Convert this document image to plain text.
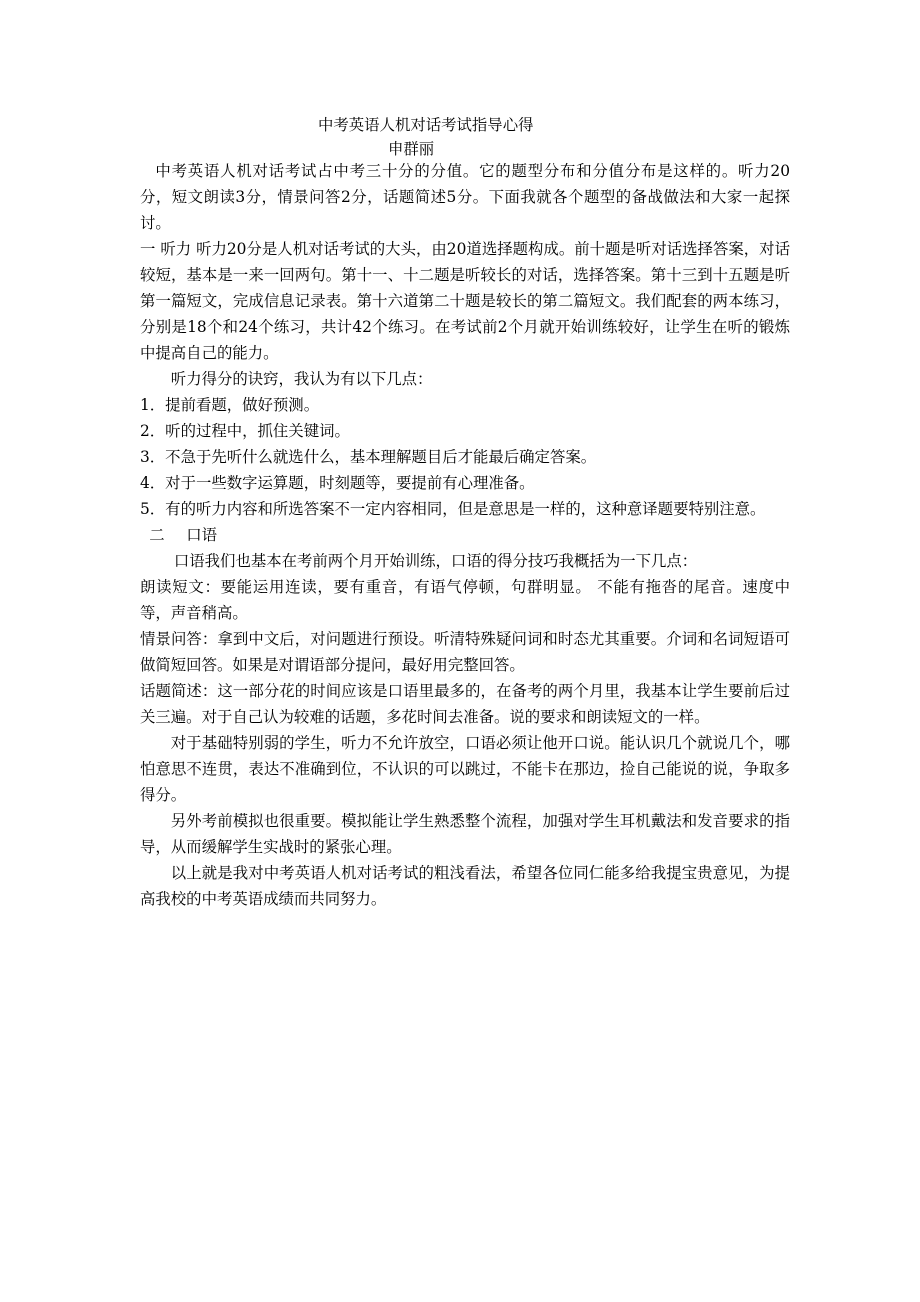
中考英语人机对话考试指导心得
申群丽

中考英语人机对话考试占中考三十分的分值。它的题型分布和分值分布是这样的。听力20分，短文朗读3分，情景问答2分，话题简述5分。下面我就各个题型的备战做法和大家一起探讨。

一 听力 听力20分是人机对话考试的大头，由20道选择题构成。前十题是听对话选择答案，对话较短，基本是一来一回两句。第十一、十二题是听较长的对话，选择答案。第十三到十五题是听第一篇短文，完成信息记录表。第十六道第二十题是较长的第二篇短文。我们配套的两本练习，分别是18个和24个练习，共计42个练习。在考试前2个月就开始训练较好，让学生在听的锻炼中提高自己的能力。

听力得分的诀窍，我认为有以下几点：

1．提前看题，做好预测。

2．听的过程中，抓住关键词。

3．不急于先听什么就选什么，基本理解题目后才能最后确定答案。

4．对于一些数字运算题，时刻题等，要提前有心理准备。

5．有的听力内容和所选答案不一定内容相同，但是意思是一样的，这种意译题要特别注意。

二 口语

口语我们也基本在考前两个月开始训练，口语的得分技巧我概括为一下几点：

朗读短文：要能运用连读，要有重音，有语气停顿，句群明显。 不能有拖沓的尾音。速度中等，声音稍高。

情景问答：拿到中文后，对问题进行预设。听清特殊疑问词和时态尤其重要。介词和名词短语可做简短回答。如果是对谓语部分提问，最好用完整回答。

话题简述：这一部分花的时间应该是口语里最多的，在备考的两个月里，我基本让学生要前后过关三遍。对于自己认为较难的话题，多花时间去准备。说的要求和朗读短文的一样。

对于基础特别弱的学生，听力不允许放空，口语必须让他开口说。能认识几个就说几个，哪怕意思不连贯，表达不准确到位，不认识的可以跳过，不能卡在那边，捡自己能说的说，争取多得分。

另外考前模拟也很重要。模拟能让学生熟悉整个流程，加强对学生耳机戴法和发音要求的指导，从而缓解学生实战时的紧张心理。

以上就是我对中考英语人机对话考试的粗浅看法，希望各位同仁能多给我提宝贵意见，为提高我校的中考英语成绩而共同努力。
